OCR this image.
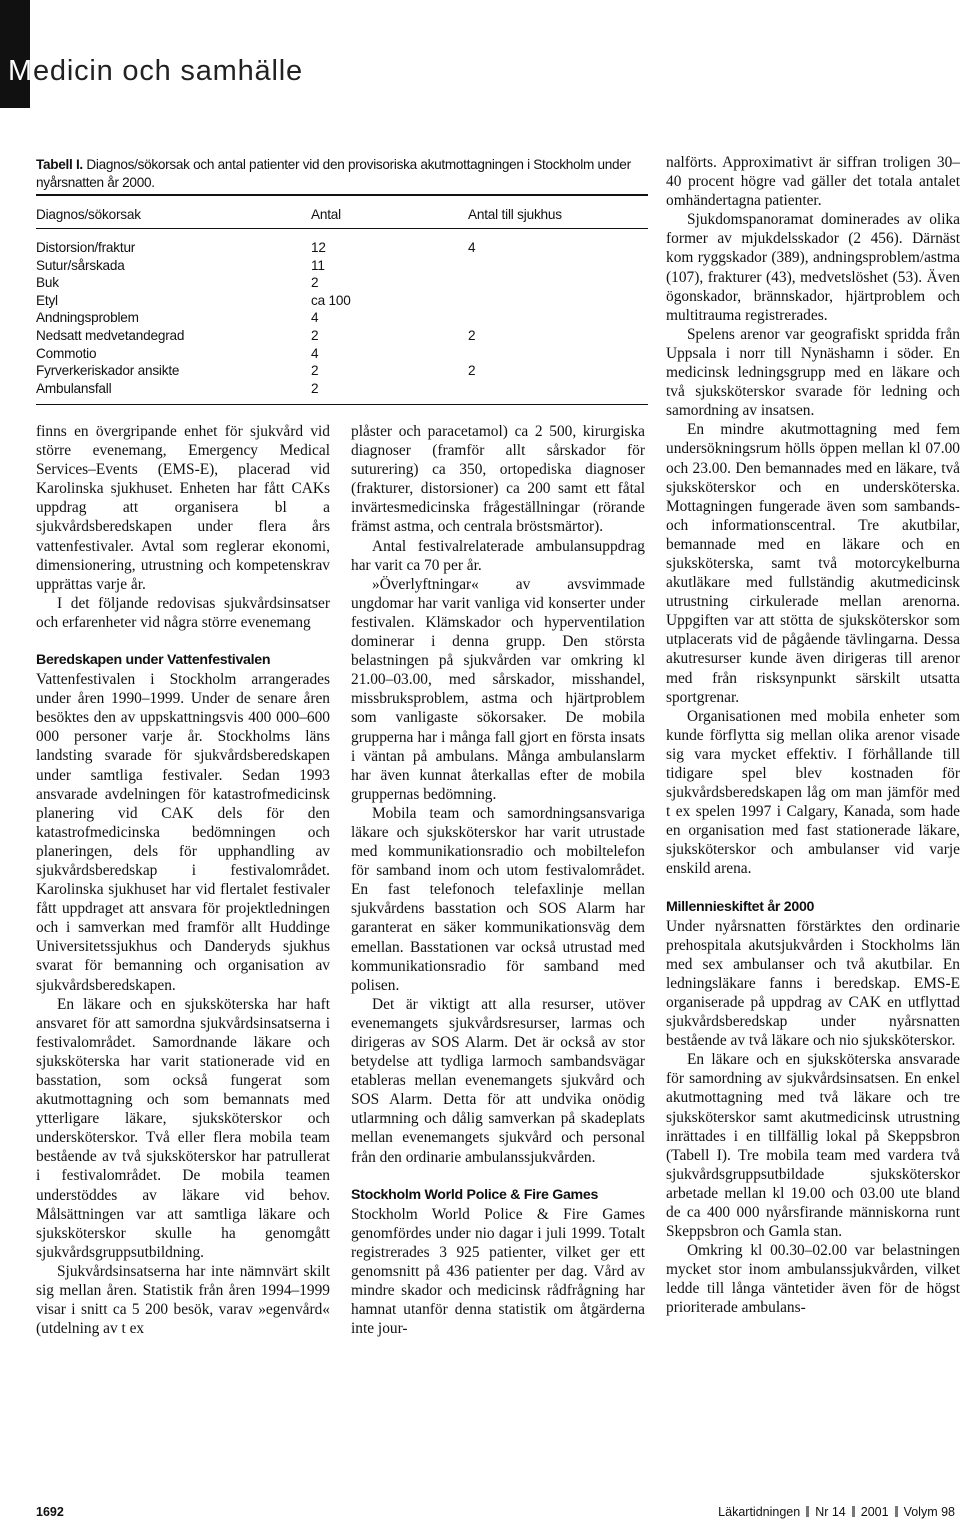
Medicin och samhälle
Tabell I. Diagnos/sökorsak och antal patienter vid den provisoriska akutmottagningen i Stockholm under nyårsnatten år 2000.
Diagnos/sökorsak	Antal	Antal till sjukhus
Distorsion/fraktur	12	4
Sutur/sårskada	11
Buk	2
Etyl	ca 100
Andningsproblem	4
Nedsatt medvetandegrad	2	2
Commotio	4
Fyrverkeriskador ansikte	2	2
Ambulansfall	2

finns en övergripande enhet för sjukvård vid större evenemang, Emergency Medical Services–Events (EMS-E), placerad vid Karolinska sjukhuset. Enheten har fått CAKs uppdrag att organisera bl a sjukvårdsberedskapen under flera års vattenfestivaler. Avtal som reglerar ekonomi, dimensionering, utrustning och kompetenskrav upprättas varje år.

I det följande redovisas sjukvårdsinsatser och erfarenheter vid några större evenemang

Beredskapen under Vattenfestivalen

Vattenfestivalen i Stockholm arrangerades under åren 1990–1999. Under de senare åren besöktes den av uppskattningsvis 400 000–600 000 personer varje år. Stockholms läns landsting svarade för sjukvårdsberedskapen under samtliga festivaler. Sedan 1993 ansvarade avdelningen för katastrofmedicinsk planering vid CAK dels för den katastrofmedicinska bedömningen och planeringen, dels för upphandling av sjukvårdsberedskap i festivalområdet. Karolinska sjukhuset har vid flertalet festivaler fått uppdraget att ansvara för projektledningen och i samverkan med framför allt Huddinge Universitetssjukhus och Danderyds sjukhus svarat för bemanning och organisation av sjukvårdsberedskapen.

En läkare och en sjuksköterska har haft ansvaret för att samordna sjukvårdsinsatserna i festivalområdet. Samordnande läkare och sjuksköterska har varit stationerade vid en basstation, som också fungerat som akutmottagning och som bemannats med ytterligare läkare, sjuksköterskor och undersköterskor. Två eller flera mobila team bestående av två sjuksköterskor har patrullerat i festivalområdet. De mobila teamen understöddes av läkare vid behov. Målsättningen var att samtliga läkare och sjuksköterskor skulle ha genomgått sjukvårdsgruppsutbildning.

Sjukvårdsinsatserna har inte nämnvärt skilt sig mellan åren. Statistik från åren 1994–1999 visar i snitt ca 5 200 besök, varav »egenvård« (utdelning av t ex

plåster och paracetamol) ca 2 500, kirurgiska diagnoser (framför allt sårskador för suturering) ca 350, ortopediska diagnoser (frakturer, distorsioner) ca 200 samt ett fåtal invärtesmedicinska frågeställningar (rörande främst astma, och centrala bröstsmärtor).

Antal festivalrelaterade ambulansuppdrag har varit ca 70 per år.

»Överlyftningar« av avsvimmade ungdomar har varit vanliga vid konserter under festivalen. Klämskador och hyperventilation dominerar i denna grupp. Den största belastningen på sjukvården var omkring kl 21.00–03.00, med sårskador, misshandel, missbruksproblem, astma och hjärtproblem som vanligaste sökorsaker. De mobila grupperna har i många fall gjort en första insats i väntan på ambulans. Många ambulanslarm har även kunnat återkallas efter de mobila gruppernas bedömning.

Mobila team och samordningsansvariga läkare och sjuksköterskor har varit utrustade med kommunikationsradio och mobiltelefon för samband inom och utom festivalområdet. En fast telefonoch telefaxlinje mellan sjukvårdens basstation och SOS Alarm har garanterat en säker kommunikationsväg dem emellan. Basstationen var också utrustad med kommunikationsradio för samband med polisen.

Det är viktigt att alla resurser, utöver evenemangets sjukvårdsresurser, larmas och dirigeras av SOS Alarm. Det är också av stor betydelse att tydliga larmoch sambandsvägar etableras mellan evenemangets sjukvård och SOS Alarm. Detta för att undvika onödig utlarmning och dålig samverkan på skadeplats mellan evenemangets sjukvård och personal från den ordinarie ambulanssjukvården.

Stockholm World Police & Fire Games

Stockholm World Police & Fire Games genomfördes under nio dagar i juli 1999. Totalt registrerades 3 925 patienter, vilket ger ett genomsnitt på 436 patienter per dag. Vård av mindre skador och medicinsk rådfrågning har hamnat utanför denna statistik om åtgärderna inte jour-

nalförts. Approximativt är siffran troligen 30–40 procent högre vad gäller det totala antalet omhändertagna patienter.

Sjukdomspanoramat dominerades av olika former av mjukdelsskador (2 456). Därnäst kom ryggskador (389), andningsproblem/astma (107), frakturer (43), medvetslöshet (53). Även ögonskador, brännskador, hjärtproblem och multitrauma registrerades.

Spelens arenor var geografiskt spridda från Uppsala i norr till Nynäshamn i söder. En medicinsk ledningsgrupp med en läkare och två sjuksköterskor svarade för ledning och samordning av insatsen.

En mindre akutmottagning med fem undersökningsrum hölls öppen mellan kl 07.00 och 23.00. Den bemannades med en läkare, två sjuksköterskor och en undersköterska. Mottagningen fungerade även som sambands- och informationscentral. Tre akutbilar, bemannade med en läkare och en sjuksköterska, samt två motorcykelburna akutläkare med fullständig akutmedicinsk utrustning cirkulerade mellan arenorna. Uppgiften var att stötta de sjuksköterskor som utplacerats vid de pågående tävlingarna. Dessa akutresurser kunde även dirigeras till arenor med från risksynpunkt särskilt utsatta sportgrenar.

Organisationen med mobila enheter som kunde förflytta sig mellan olika arenor visade sig vara mycket effektiv. I förhållande till tidigare spel blev kostnaden för sjukvårdsberedskapen låg om man jämför med t ex spelen 1997 i Calgary, Kanada, som hade en organisation med fast stationerade läkare, sjuksköterskor och ambulanser vid varje enskild arena.

Millennieskiftet år 2000

Under nyårsnatten förstärktes den ordinarie prehospitala akutsjukvården i Stockholms län med sex ambulanser och två akutbilar. En ledningsläkare fanns i beredskap. EMS-E organiserade på uppdrag av CAK en utflyttad sjukvårdsberedskap under nyårsnatten bestående av två läkare och nio sjuksköterskor.

En läkare och en sjuksköterska ansvarade för samordning av sjukvårdsinsatsen. En enkel akutmottagning med två läkare och tre sjuksköterskor samt akutmedicinsk utrustning inrättades i en tillfällig lokal på Skeppsbron (Tabell I). Tre mobila team med vardera två sjukvårdsgruppsutbildade sjuksköterskor arbetade mellan kl 19.00 och 03.00 ute bland de ca 400 000 nyårsfirande människorna runt Skeppsbron och Gamla stan.

Omkring kl 00.30–02.00 var belastningen mycket stor inom ambulanssjukvården, vilket ledde till långa väntetider även för de högst prioriterade ambulans-

1692	Läkartidningen Nr 14 2001 Volym 98
